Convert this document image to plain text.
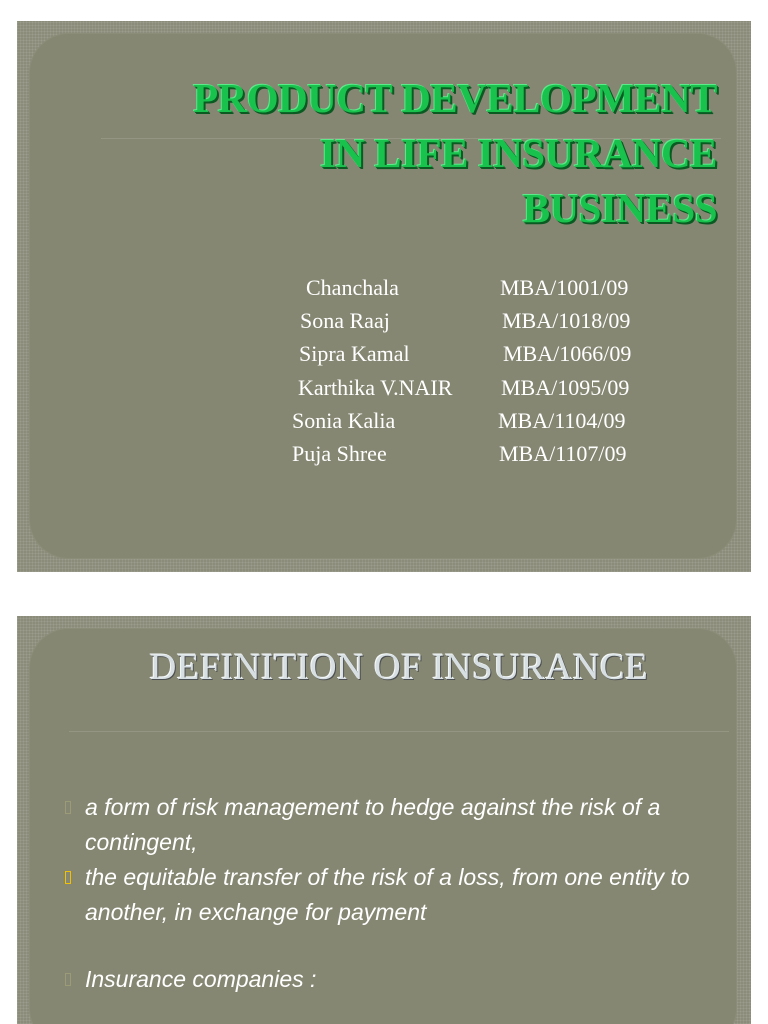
PRODUCT DEVELOPMENT
IN LIFE INSURANCE
BUSINESS
Chanchala	MBA/1001/09
Sona Raaj	MBA/1018/09
Sipra Kamal	MBA/1066/09
Karthika V.NAIR MBA/1095/09
Sonia Kalia	MBA/1104/09
Puja Shree	MBA/1107/09
DEFINITION OF INSURANCE
a form of risk management to hedge against the risk of a contingent,
the equitable transfer of the risk of a loss, from one entity to another, in exchange for payment
Insurance companies :
